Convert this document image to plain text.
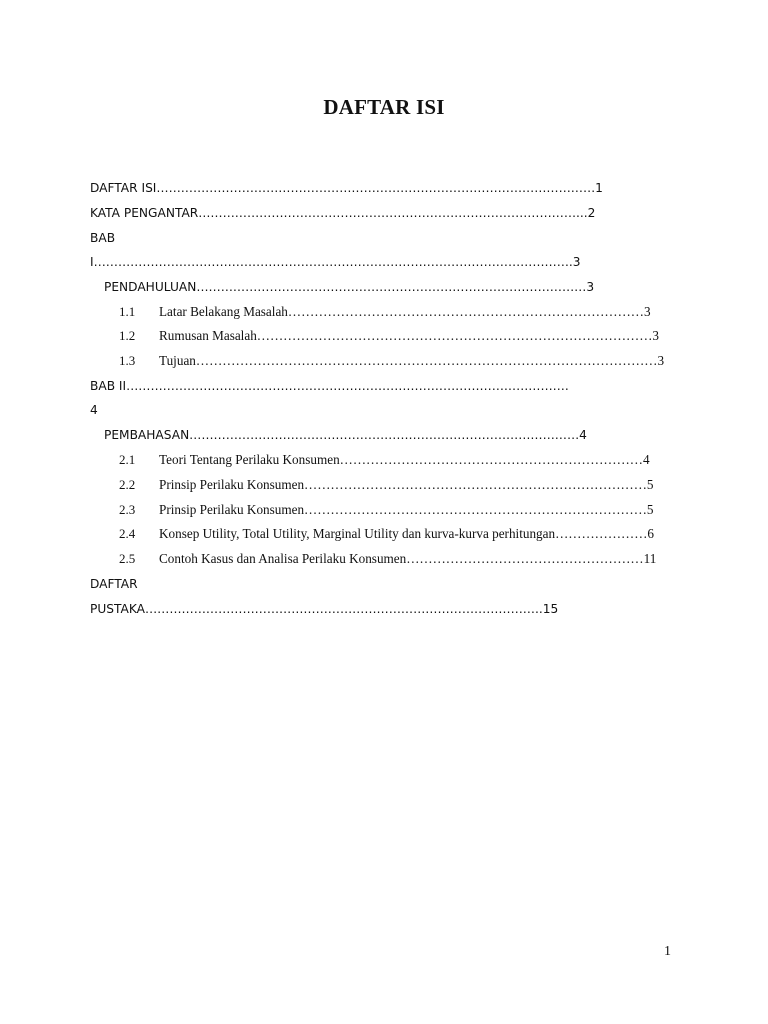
DAFTAR ISI
DAFTAR ISI………………………………………………………………………………………………1
KATA PENGANTAR…………………………………………………………………………………...2
BAB
I……………………………………………………………………………………………………….3
PENDAHULUAN……………………………………………………………………………………3
1.1 Latar Belakang Masalah………………………………………………………………………3
1.2 Rumusan Masalah………………………………………………………………………………3
1.3 Tujuan……………………………………………………………………………………………3
BAB II……………………………………………………………………………………………….
4
PEMBAHASAN……………………………………………………………………………………4
2.1 Teori Tentang Perilaku Konsumen……………………………………………………………4
2.2 Prinsip Perilaku Konsumen……………………………………………………………………5
2.3 Prinsip Perilaku Konsumen……………………………………………………………………5
2.4 Konsep Utility, Total Utility, Marginal Utility dan kurva-kurva perhitungan…………………6
2.5 Contoh Kasus dan Analisa Perilaku Konsumen………………………………………………11
DAFTAR
PUSTAKA……………………………………………………………………………………..15
1
